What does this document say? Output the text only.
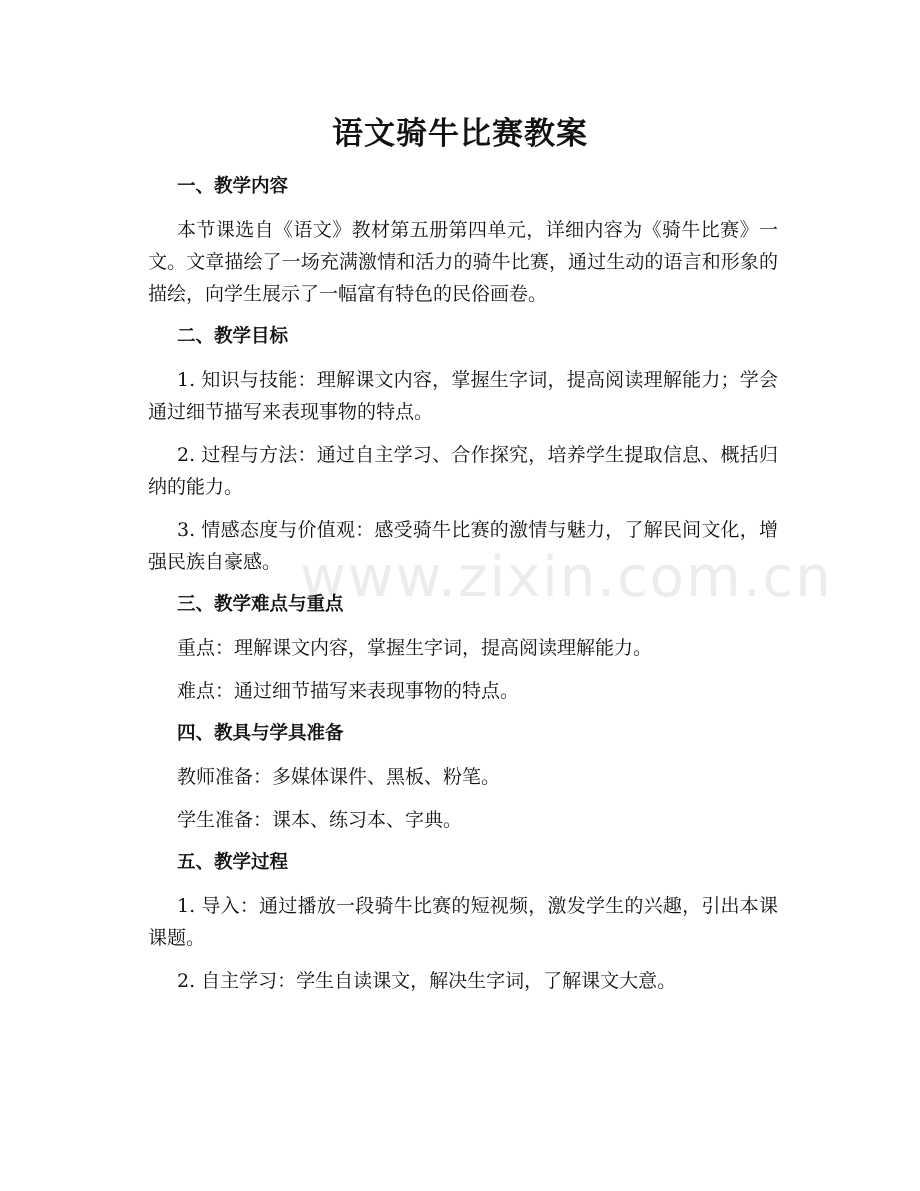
www.zixin.com.cn
语文骑牛比赛教案
一、教学内容
本节课选自《语文》教材第五册第四单元，详细内容为《骑牛比赛》一文。文章描绘了一场充满激情和活力的骑牛比赛，通过生动的语言和形象的描绘，向学生展示了一幅富有特色的民俗画卷。
二、教学目标
1. 知识与技能：理解课文内容，掌握生字词，提高阅读理解能力；学会通过细节描写来表现事物的特点。
2. 过程与方法：通过自主学习、合作探究，培养学生提取信息、概括归纳的能力。
3. 情感态度与价值观：感受骑牛比赛的激情与魅力，了解民间文化，增强民族自豪感。
三、教学难点与重点
重点：理解课文内容，掌握生字词，提高阅读理解能力。
难点：通过细节描写来表现事物的特点。
四、教具与学具准备
教师准备：多媒体课件、黑板、粉笔。
学生准备：课本、练习本、字典。
五、教学过程
1. 导入：通过播放一段骑牛比赛的短视频，激发学生的兴趣，引出本课课题。
2. 自主学习：学生自读课文，解决生字词，了解课文大意。
